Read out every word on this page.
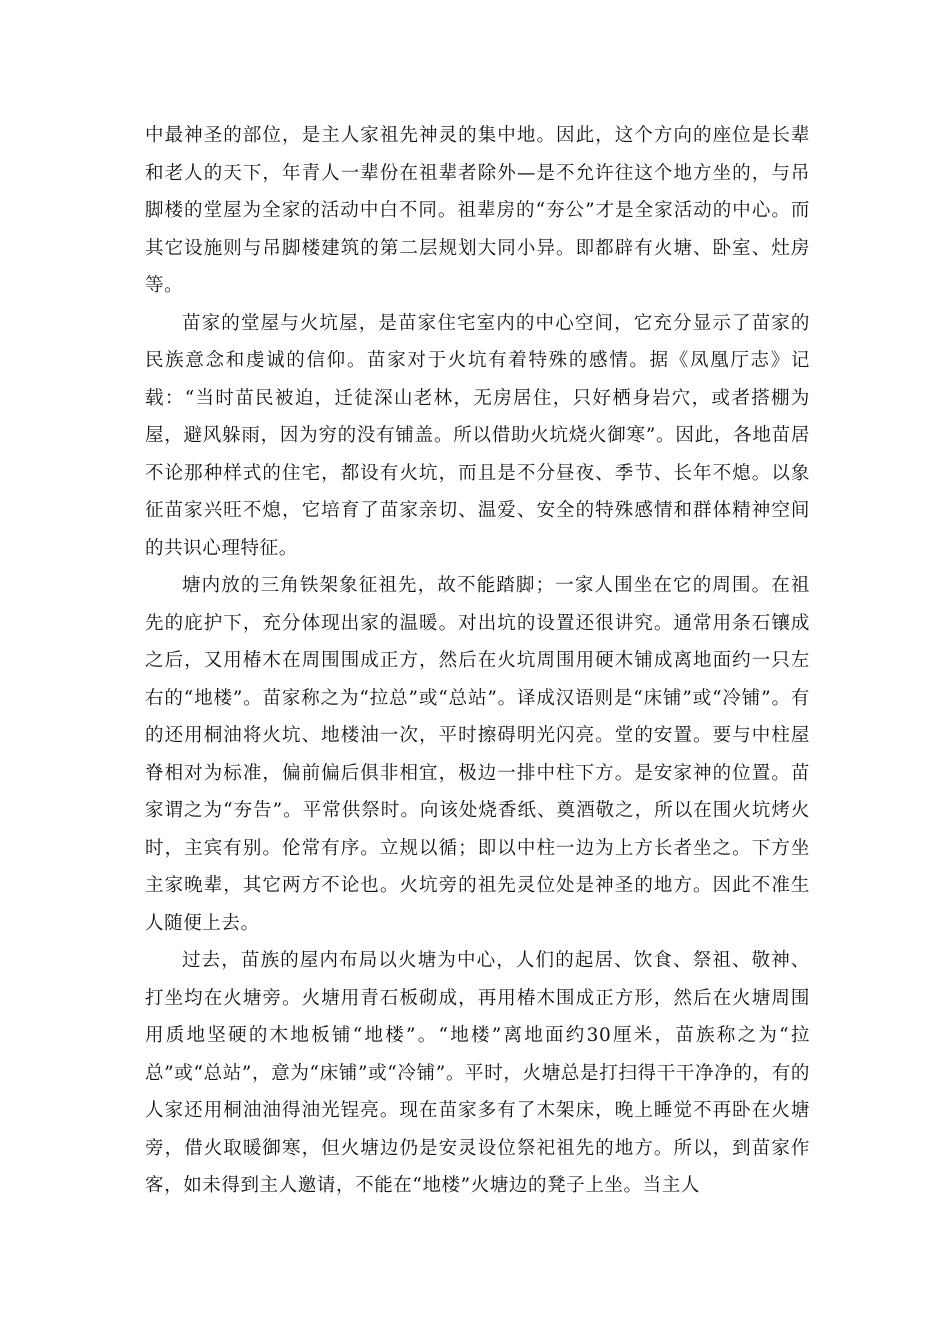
中最神圣的部位，是主人家祖先神灵的集中地。因此，这个方向的座位是长辈和老人的天下，年青人一辈份在祖辈者除外—是不允许往这个地方坐的，与吊脚楼的堂屋为全家的活动中白不同。祖辈房的“夯公”才是全家活动的中心。而其它设施则与吊脚楼建筑的第二层规划大同小异。即都辟有火塘、卧室、灶房等。

苗家的堂屋与火坑屋，是苗家住宅室内的中心空间，它充分显示了苗家的民族意念和虔诚的信仰。苗家对于火坑有着特殊的感情。据《凤凰厅志》记载：“当时苗民被迫，迁徒深山老林，无房居住，只好栖身岩穴，或者搭棚为屋，避风躲雨，因为穷的没有铺盖。所以借助火坑烧火御寒”。因此，各地苗居不论那种样式的住宅，都设有火坑，而且是不分昼夜、季节、长年不熄。以象征苗家兴旺不熄，它培育了苗家亲切、温爱、安全的特殊感情和群体精神空间的共识心理特征。

塘内放的三角铁架象征祖先，故不能踏脚；一家人围坐在它的周围。在祖先的庇护下，充分体现出家的温暖。对出坑的设置还很讲究。通常用条石镶成之后，又用椿木在周围围成正方，然后在火坑周围用硬木铺成离地面约一只左右的“地楼”。苗家称之为“拉总”或“总站”。译成汉语则是“床铺”或“冷铺”。有的还用桐油将火坑、地楼油一次，平时擦碍明光闪亮。堂的安置。要与中柱屋脊相对为标准，偏前偏后俱非相宜，极边一排中柱下方。是安家神的位置。苗家谓之为“夯告”。平常供祭时。向该处烧香纸、奠酒敬之，所以在围火坑烤火时，主宾有别。伦常有序。立规以循；即以中柱一边为上方长者坐之。下方坐主家晚辈，其它两方不论也。火坑旁的祖先灵位处是神圣的地方。因此不准生人随便上去。

过去，苗族的屋内布局以火塘为中心，人们的起居、饮食、祭祖、敬神、打坐均在火塘旁。火塘用青石板砌成，再用椿木围成正方形，然后在火塘周围用质地坚硬的木地板铺“地楼”。“地楼”离地面约30厘米，苗族称之为“拉总”或“总站”，意为“床铺”或“冷铺”。平时，火塘总是打扫得干干净净的，有的人家还用桐油油得油光锃亮。现在苗家多有了木架床，晚上睡觉不再卧在火塘旁，借火取暖御寒，但火塘边仍是安灵设位祭祀祖先的地方。所以，到苗家作客，如未得到主人邀请，不能在“地楼”火塘边的凳子上坐。当主人
